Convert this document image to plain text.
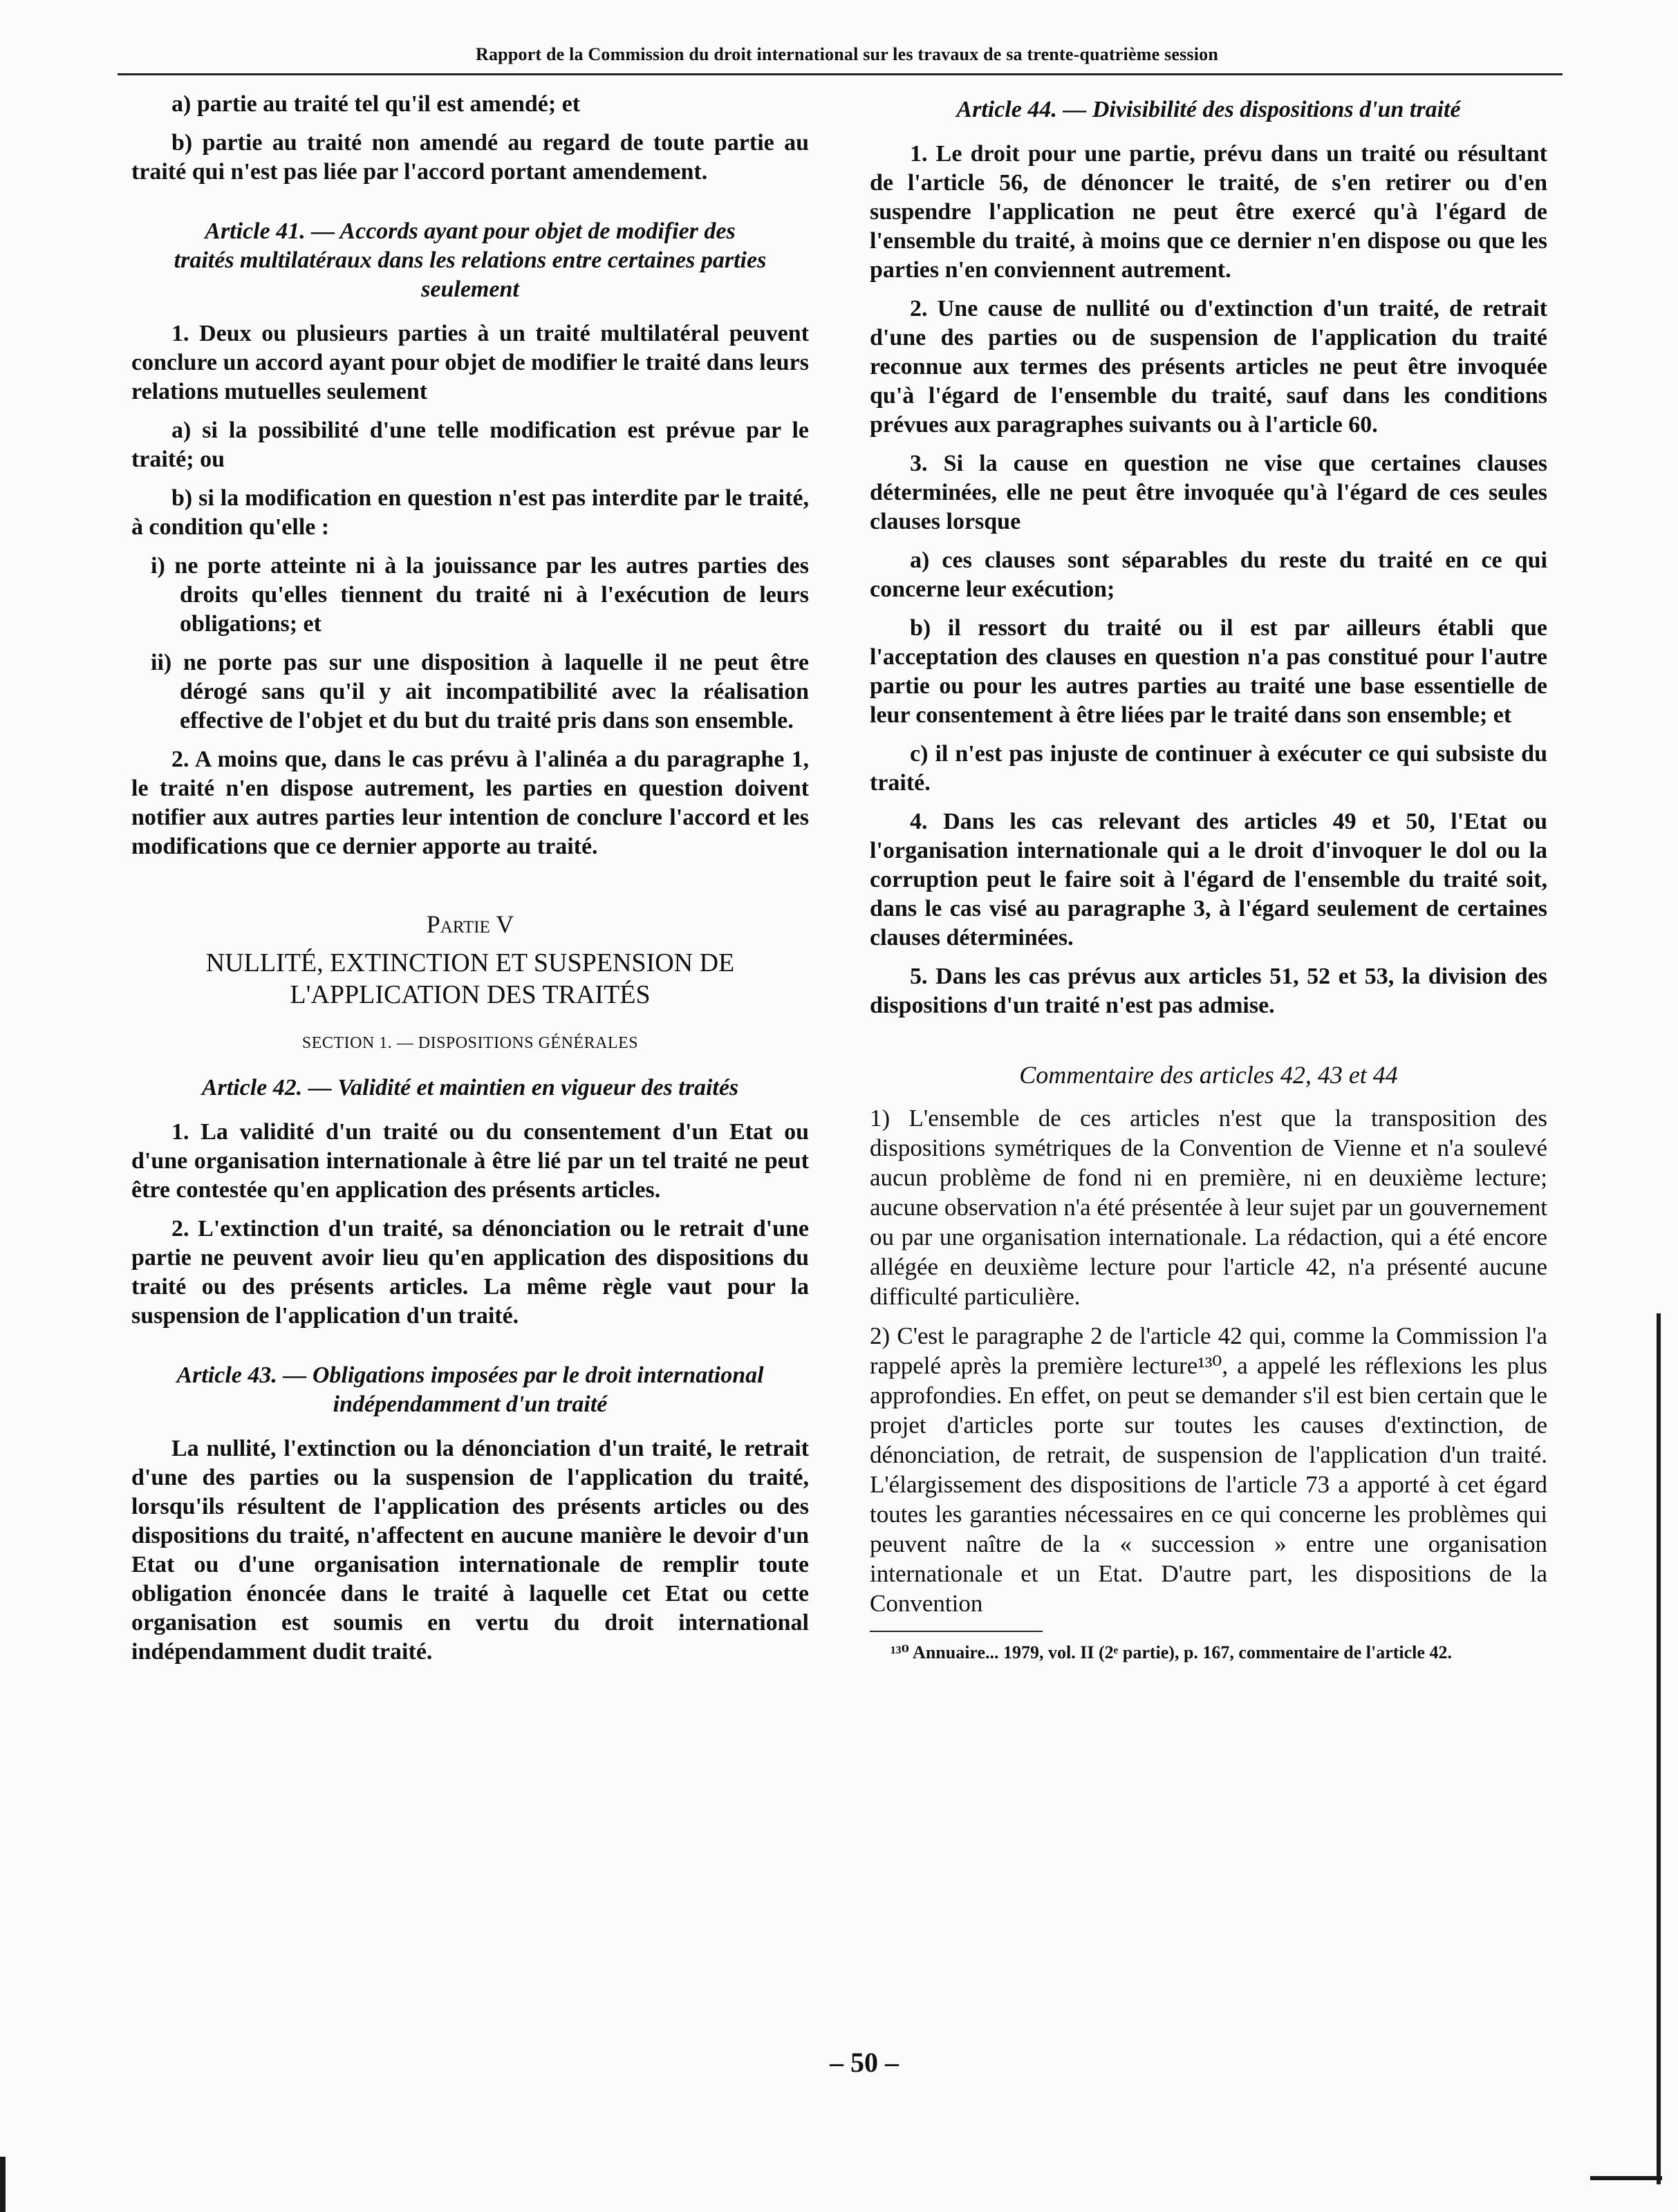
Rapport de la Commission du droit international sur les travaux de sa trente-quatrième session

a) partie au traité tel qu'il est amendé; et

b) partie au traité non amendé au regard de toute partie au traité qui n'est pas liée par l'accord portant amendement.

Article 41. — Accords ayant pour objet de modifier des traités multilatéraux dans les relations entre certaines parties seulement

1. Deux ou plusieurs parties à un traité multilatéral peuvent conclure un accord ayant pour objet de modifier le traité dans leurs relations mutuelles seulement

a) si la possibilité d'une telle modification est prévue par le traité; ou

b) si la modification en question n'est pas interdite par le traité, à condition qu'elle :

i) ne porte atteinte ni à la jouissance par les autres parties des droits qu'elles tiennent du traité ni à l'exécution de leurs obligations; et

ii) ne porte pas sur une disposition à laquelle il ne peut être dérogé sans qu'il y ait incompatibilité avec la réalisation effective de l'objet et du but du traité pris dans son ensemble.

2. A moins que, dans le cas prévu à l'alinéa a du paragraphe 1, le traité n'en dispose autrement, les parties en question doivent notifier aux autres parties leur intention de conclure l'accord et les modifications que ce dernier apporte au traité.

Partie V
NULLITÉ, EXTINCTION ET SUSPENSION DE L'APPLICATION DES TRAITÉS
SECTION 1. — DISPOSITIONS GÉNÉRALES
Article 42. — Validité et maintien en vigueur des traités

1. La validité d'un traité ou du consentement d'un Etat ou d'une organisation internationale à être lié par un tel traité ne peut être contestée qu'en application des présents articles.

2. L'extinction d'un traité, sa dénonciation ou le retrait d'une partie ne peuvent avoir lieu qu'en application des dispositions du traité ou des présents articles. La même règle vaut pour la suspension de l'application d'un traité.

Article 43. — Obligations imposées par le droit international indépendamment d'un traité

La nullité, l'extinction ou la dénonciation d'un traité, le retrait d'une des parties ou la suspension de l'application du traité, lorsqu'ils résultent de l'application des présents articles ou des dispositions du traité, n'affectent en aucune manière le devoir d'un Etat ou d'une organisation internationale de remplir toute obligation énoncée dans le traité à laquelle cet Etat ou cette organisation est soumis en vertu du droit international indépendamment dudit traité.

Article 44. — Divisibilité des dispositions d'un traité

1. Le droit pour une partie, prévu dans un traité ou résultant de l'article 56, de dénoncer le traité, de s'en retirer ou d'en suspendre l'application ne peut être exercé qu'à l'égard de l'ensemble du traité, à moins que ce dernier n'en dispose ou que les parties n'en conviennent autrement.

2. Une cause de nullité ou d'extinction d'un traité, de retrait d'une des parties ou de suspension de l'application du traité reconnue aux termes des présents articles ne peut être invoquée qu'à l'égard de l'ensemble du traité, sauf dans les conditions prévues aux paragraphes suivants ou à l'article 60.

3. Si la cause en question ne vise que certaines clauses déterminées, elle ne peut être invoquée qu'à l'égard de ces seules clauses lorsque

a) ces clauses sont séparables du reste du traité en ce qui concerne leur exécution;

b) il ressort du traité ou il est par ailleurs établi que l'acceptation des clauses en question n'a pas constitué pour l'autre partie ou pour les autres parties au traité une base essentielle de leur consentement à être liées par le traité dans son ensemble; et

c) il n'est pas injuste de continuer à exécuter ce qui subsiste du traité.

4. Dans les cas relevant des articles 49 et 50, l'Etat ou l'organisation internationale qui a le droit d'invoquer le dol ou la corruption peut le faire soit à l'égard de l'ensemble du traité soit, dans le cas visé au paragraphe 3, à l'égard seulement de certaines clauses déterminées.

5. Dans les cas prévus aux articles 51, 52 et 53, la division des dispositions d'un traité n'est pas admise.

Commentaire des articles 42, 43 et 44

1) L'ensemble de ces articles n'est que la transposition des dispositions symétriques de la Convention de Vienne et n'a soulevé aucun problème de fond ni en première, ni en deuxième lecture; aucune observation n'a été présentée à leur sujet par un gouvernement ou par une organisation internationale. La rédaction, qui a été encore allégée en deuxième lecture pour l'article 42, n'a présenté aucune difficulté particulière.

2) C'est le paragraphe 2 de l'article 42 qui, comme la Commission l'a rappelé après la première lecture¹³⁰, a appelé les réflexions les plus approfondies. En effet, on peut se demander s'il est bien certain que le projet d'articles porte sur toutes les causes d'extinction, de dénonciation, de retrait, de suspension de l'application d'un traité. L'élargissement des dispositions de l'article 73 a apporté à cet égard toutes les garanties nécessaires en ce qui concerne les problèmes qui peuvent naître de la « succession » entre une organisation internationale et un Etat. D'autre part, les dispositions de la Convention

¹³⁰ Annuaire... 1979, vol. II (2ᵉ partie), p. 167, commentaire de l'article 42.

– 50 –
